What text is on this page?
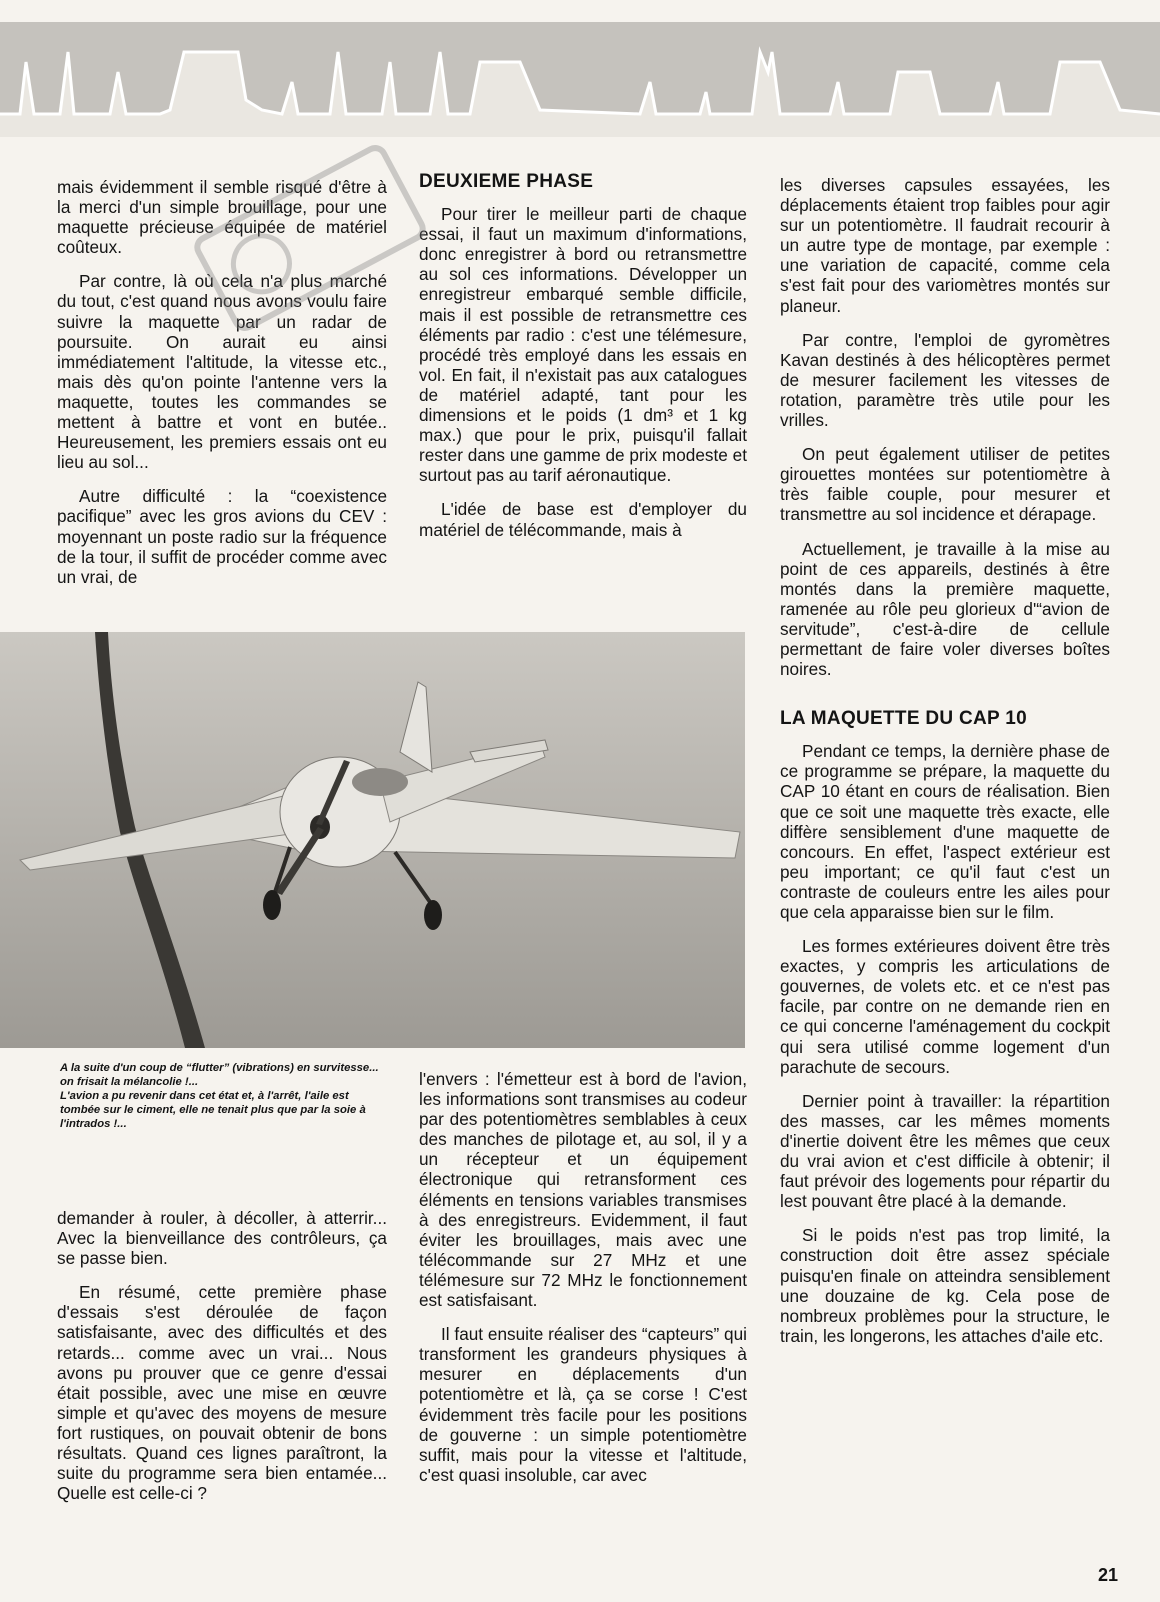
mais évidemment il semble risqué d'être à la merci d'un simple brouillage, pour une maquette précieuse équipée de matériel coûteux.

Par contre, là où cela n'a plus marché du tout, c'est quand nous avons voulu faire suivre la maquette par un radar de poursuite. On aurait eu ainsi immédiatement l'altitude, la vitesse etc., mais dès qu'on pointe l'antenne vers la maquette, toutes les commandes se mettent à battre et vont en butée.. Heureusement, les premiers essais ont eu lieu au sol...

Autre difficulté : la “coexistence pacifique” avec les gros avions du CEV : moyennant un poste radio sur la fréquence de la tour, il suffit de procéder comme avec un vrai, de

DEUXIEME PHASE

Pour tirer le meilleur parti de chaque essai, il faut un maximum d'informations, donc enregistrer à bord ou retransmettre au sol ces informations. Développer un enregistreur embarqué semble difficile, mais il est possible de retransmettre ces éléments par radio : c'est une télémesure, procédé très employé dans les essais en vol. En fait, il n'existait pas aux catalogues de matériel adapté, tant pour les dimensions et le poids (1 dm³ et 1 kg max.) que pour le prix, puisqu'il fallait rester dans une gamme de prix modeste et surtout pas au tarif aéronautique.

L'idée de base est d'employer du matériel de télécommande, mais à

les diverses capsules essayées, les déplacements étaient trop faibles pour agir sur un potentiomètre. Il faudrait recourir à un autre type de montage, par exemple : une variation de capacité, comme cela s'est fait pour des variomètres montés sur planeur.

Par contre, l'emploi de gyromètres Kavan destinés à des hélicoptères permet de mesurer facilement les vitesses de rotation, paramètre très utile pour les vrilles.

On peut également utiliser de petites girouettes montées sur potentiomètre à très faible couple, pour mesurer et transmettre au sol incidence et dérapage.

Actuellement, je travaille à la mise au point de ces appareils, destinés à être montés dans la première maquette, ramenée au rôle peu glorieux d'“avion de servitude”, c'est-à-dire de cellule permettant de faire voler diverses boîtes noires.

LA MAQUETTE DU CAP 10

Pendant ce temps, la dernière phase de ce programme se prépare, la maquette du CAP 10 étant en cours de réalisation. Bien que ce soit une maquette très exacte, elle diffère sensiblement d'une maquette de concours. En effet, l'aspect extérieur est peu important; ce qu'il faut c'est un contraste de couleurs entre les ailes pour que cela apparaisse bien sur le film.

Les formes extérieures doivent être très exactes, y compris les articulations de gouvernes, de volets etc. et ce n'est pas facile, par contre on ne demande rien en ce qui concerne l'aménagement du cockpit qui sera utilisé comme logement d'un parachute de secours.

Dernier point à travailler: la répartition des masses, car les mêmes moments d'inertie doivent être les mêmes que ceux du vrai avion et c'est difficile à obtenir; il faut prévoir des logements pour répartir du lest pouvant être placé à la demande.

Si le poids n'est pas trop limité, la construction doit être assez spéciale puisqu'en finale on atteindra sensiblement une douzaine de kg. Cela pose de nombreux problèmes pour la structure, le train, les longerons, les attaches d'aile etc.

A la suite d'un coup de “flutter” (vibrations) en survitesse... on frisait la mélancolie !...

L'avion a pu revenir dans cet état et, à l'arrêt, l'aile est tombée sur le ciment, elle ne tenait plus que par la soie à l'intrados !...

demander à rouler, à décoller, à atterrir... Avec la bienveillance des contrôleurs, ça se passe bien.

En résumé, cette première phase d'essais s'est déroulée de façon satisfaisante, avec des difficultés et des retards... comme avec un vrai... Nous avons pu prouver que ce genre d'essai était possible, avec une mise en œuvre simple et qu'avec des moyens de mesure fort rustiques, on pouvait obtenir de bons résultats. Quand ces lignes paraîtront, la suite du programme sera bien entamée... Quelle est celle-ci ?

l'envers : l'émetteur est à bord de l'avion, les informations sont transmises au codeur par des potentiomètres semblables à ceux des manches de pilotage et, au sol, il y a un récepteur et un équipement électronique qui retransforment ces éléments en tensions variables transmises à des enregistreurs. Evidemment, il faut éviter les brouillages, mais avec une télécommande sur 27 MHz et une télémesure sur 72 MHz le fonctionnement est satisfaisant.

Il faut ensuite réaliser des “capteurs” qui transforment les grandeurs physiques à mesurer en déplacements d'un potentiomètre et là, ça se corse ! C'est évidemment très facile pour les positions de gouverne : un simple potentiomètre suffit, mais pour la vitesse et l'altitude, c'est quasi insoluble, car avec

21
